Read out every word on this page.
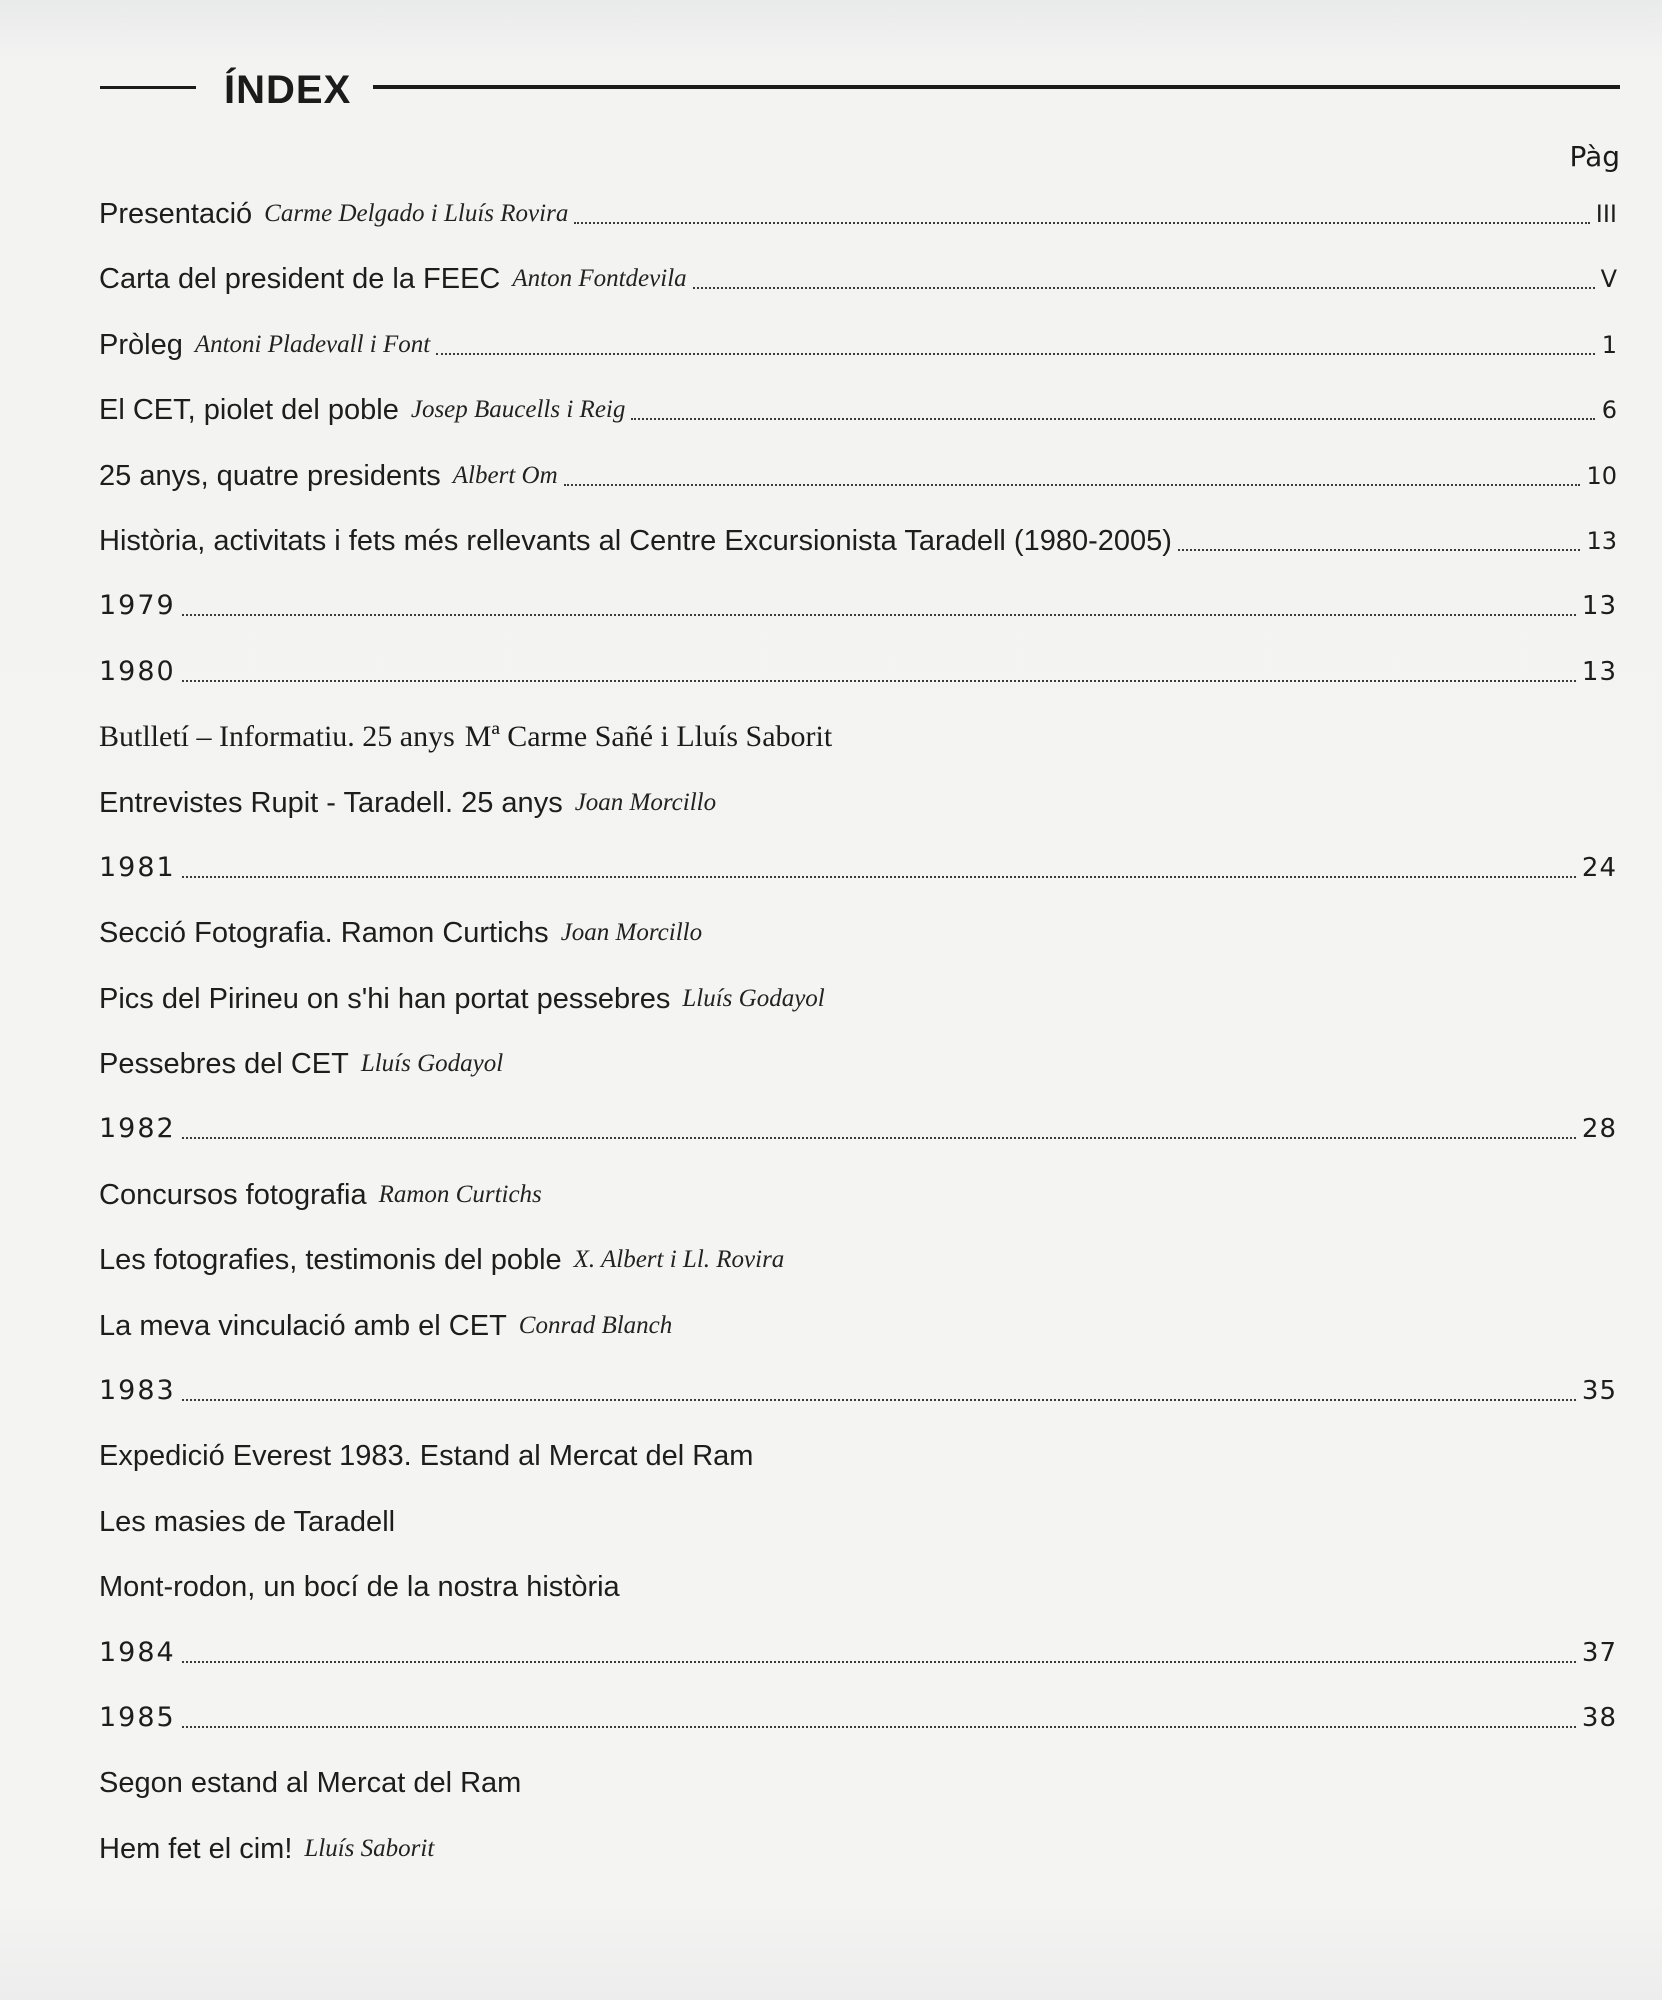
ÍNDEX
Pàg
Presentació Carme Delgado i Lluís Rovira	III
Carta del president de la FEEC Anton Fontdevila	V
Pròleg Antoni Pladevall i Font	1
El CET, piolet del poble Josep Baucells i Reig	6
25 anys, quatre presidents Albert Om	10
Història, activitats i fets més rellevants al Centre Excursionista Taradell (1980-2005)	13
1979	13
1980	13
Butlletí – Informatiu. 25 anys Mª Carme Sañé i Lluís Saborit
Entrevistes Rupit - Taradell. 25 anys Joan Morcillo
1981	24
Secció Fotografia. Ramon Curtichs Joan Morcillo
Pics del Pirineu on s'hi han portat pessebres Lluís Godayol
Pessebres del CET Lluís Godayol
1982	28
Concursos fotografia Ramon Curtichs
Les fotografies, testimonis del poble X. Albert i Ll. Rovira
La meva vinculació amb el CET Conrad Blanch
1983	35
Expedició Everest 1983. Estand al Mercat del Ram
Les masies de Taradell
Mont-rodon, un bocí de la nostra història
1984	37
1985	38
Segon estand al Mercat del Ram
Hem fet el cim! Lluís Saborit
